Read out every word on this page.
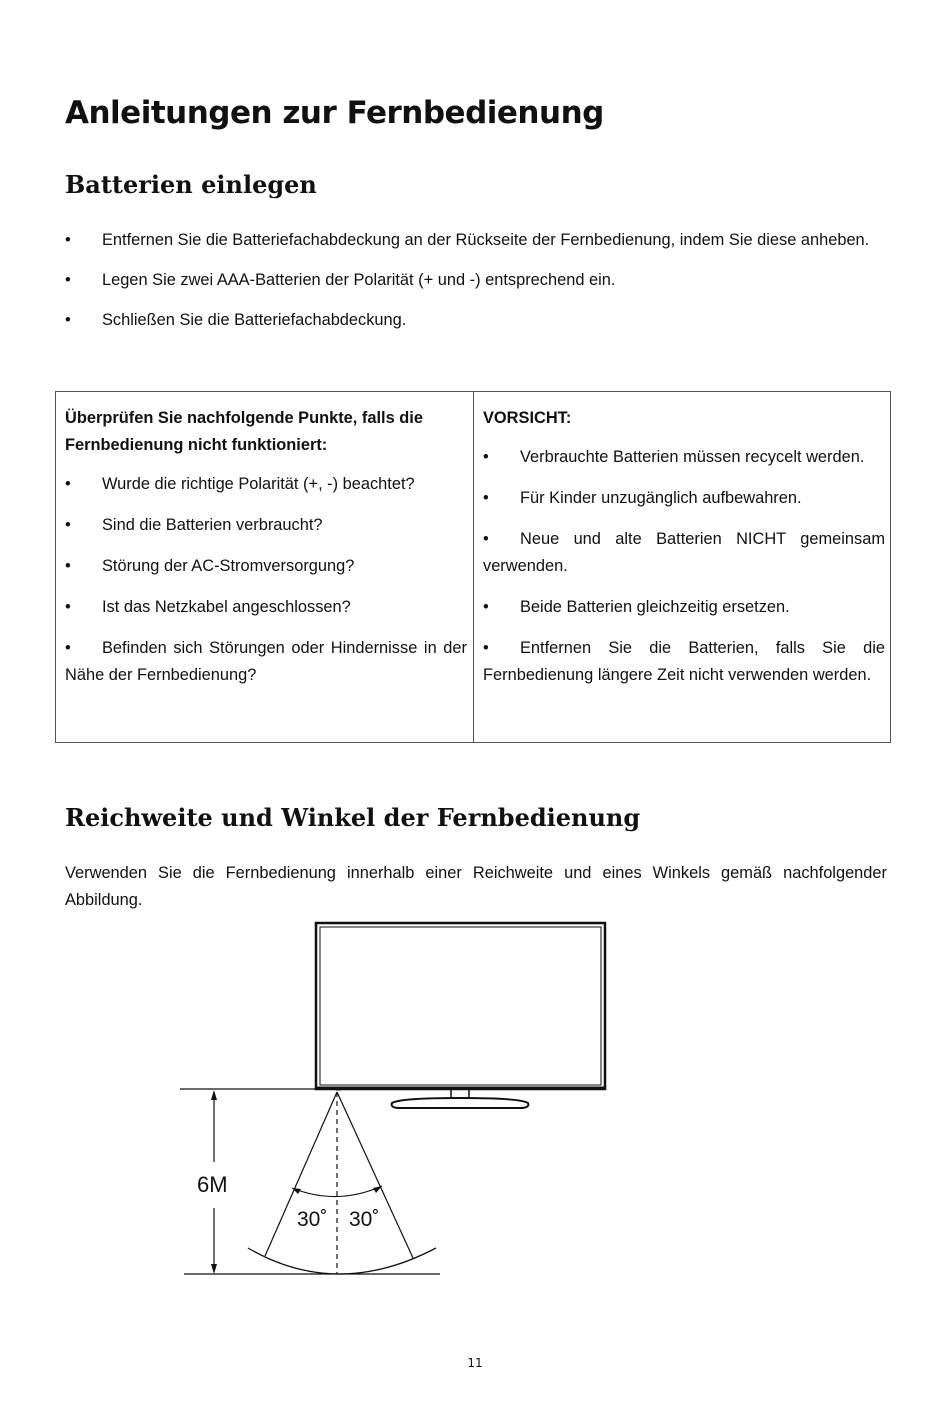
Anleitungen zur Fernbedienung
Batterien einlegen
• Entfernen Sie die Batteriefachabdeckung an der Rückseite der Fernbedienung, indem Sie diese anheben.
• Legen Sie zwei AAA-Batterien der Polarität (+ und -) entsprechend ein.
• Schließen Sie die Batteriefachabdeckung.
Überprüfen Sie nachfolgende Punkte, falls die Fernbedienung nicht funktioniert:

• Wurde die richtige Polarität (+, -) beachtet?

• Sind die Batterien verbraucht?

• Störung der AC-Stromversorgung?

• Ist das Netzkabel angeschlossen?

• Befinden sich Störungen oder Hindernisse in der Nähe der Fernbedienung?

VORSICHT:

• Verbrauchte Batterien müssen recycelt werden.

• Für Kinder unzugänglich aufbewahren.

• Neue und alte Batterien NICHT gemeinsam verwenden.

• Beide Batterien gleichzeitig ersetzen.

• Entfernen Sie die Batterien, falls Sie die Fernbedienung längere Zeit nicht verwenden werden.

Reichweite und Winkel der Fernbedienung

Verwenden Sie die Fernbedienung innerhalb einer Reichweite und eines Winkels gemäß nachfolgender Abbildung.

6M
30˚ 30˚
11
